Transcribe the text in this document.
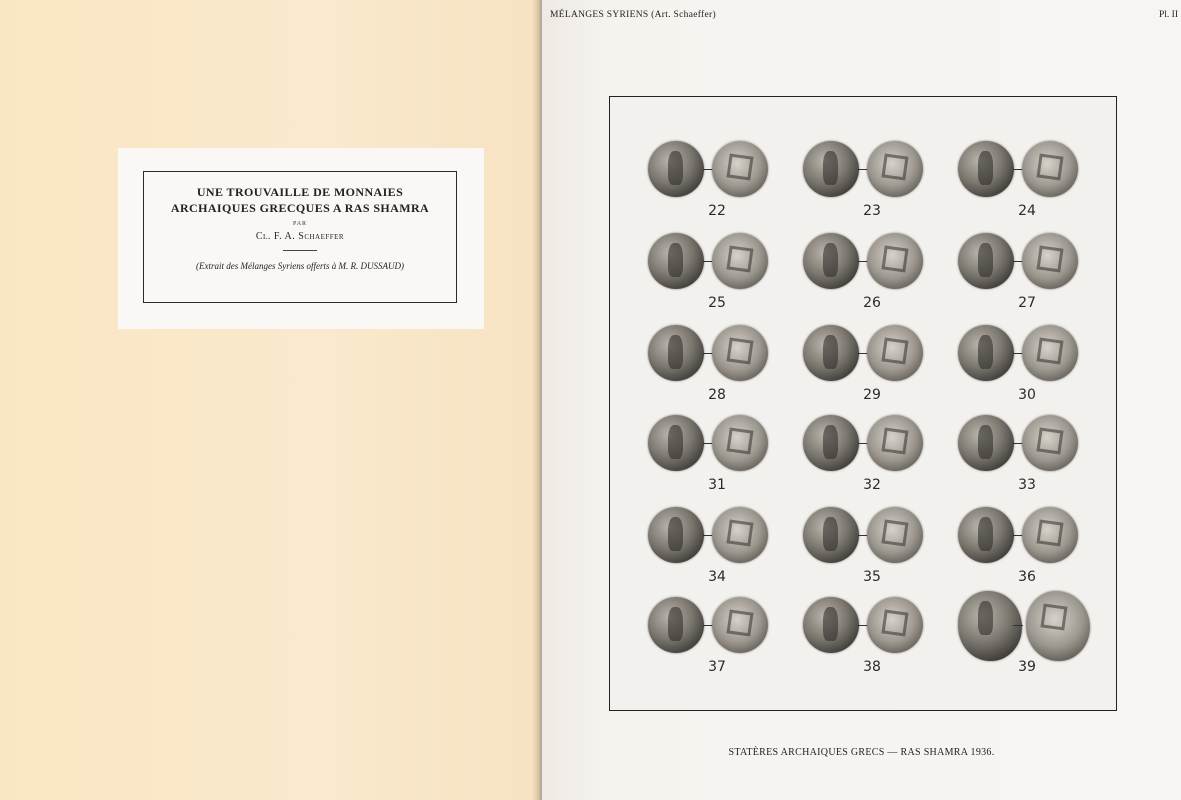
UNE TROUVAILLE DE MONNAIES
ARCHAIQUES GRECQUES A RAS SHAMRA
PAR
Cl. F. A. Schaeffer
(Extrait des Mélanges Syriens offerts à M. R. DUSSAUD)
MÉLANGES SYRIENS (Art. Schaeffer)	Pl. II
22	23	24
25	26	27
28	29	30
31	32	33
34	35	36
37	38	39
STATÈRES ARCHAIQUES GRECS — RAS SHAMRA 1936.
